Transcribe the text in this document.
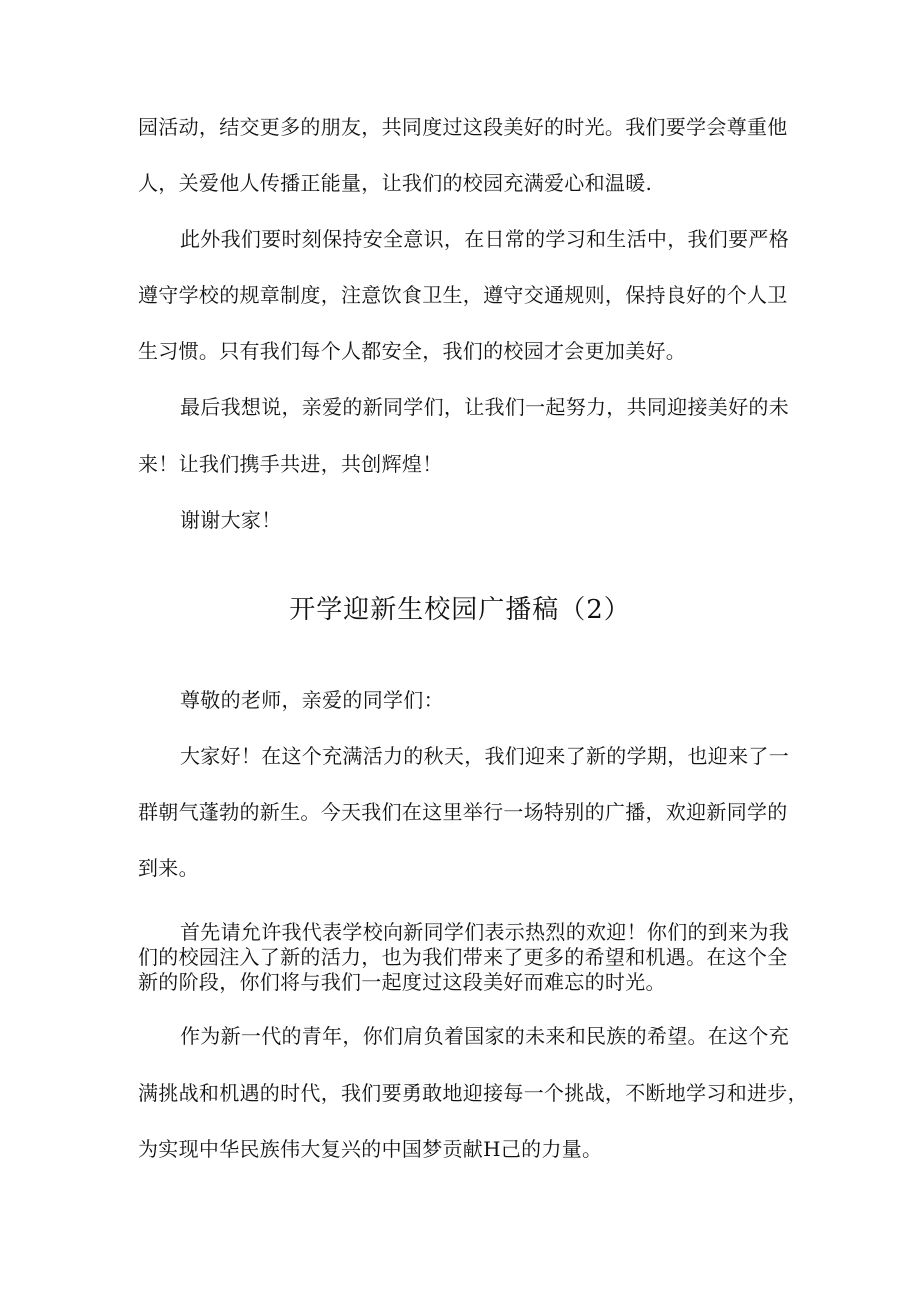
园活动，结交更多的朋友，共同度过这段美好的时光。我们要学会尊重他
人，关爱他人传播正能量，让我们的校园充满爱心和温暖.
此外我们要时刻保持安全意识，在日常的学习和生活中，我们要严格
遵守学校的规章制度，注意饮食卫生，遵守交通规则，保持良好的个人卫
生习惯。只有我们每个人都安全，我们的校园才会更加美好。
最后我想说，亲爱的新同学们，让我们一起努力，共同迎接美好的未
来！让我们携手共进，共创辉煌！
谢谢大家！
开学迎新生校园广播稿（2）
尊敬的老师，亲爱的同学们：
大家好！在这个充满活力的秋天，我们迎来了新的学期，也迎来了一
群朝气蓬勃的新生。今天我们在这里举行一场特别的广播，欢迎新同学的
到来。
首先请允许我代表学校向新同学们表示热烈的欢迎！你们的到来为我
们的校园注入了新的活力，也为我们带来了更多的希望和机遇。在这个全
新的阶段，你们将与我们一起度过这段美好而难忘的时光。
作为新一代的青年，你们肩负着国家的未来和民族的希望。在这个充
满挑战和机遇的时代，我们要勇敢地迎接每一个挑战，不断地学习和进步，
为实现中华民族伟大复兴的中国梦贡献H己的力量。
